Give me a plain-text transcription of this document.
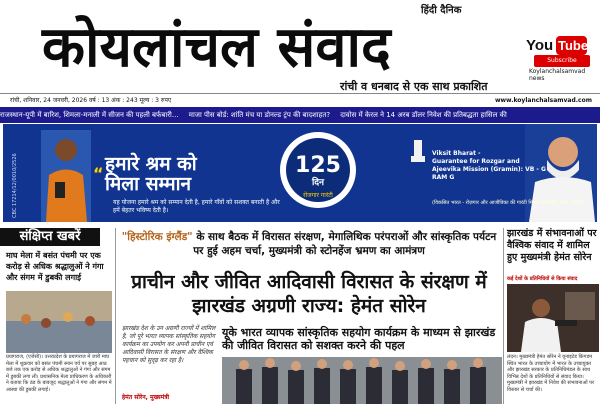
हिंदी दैनिक
कोयलांचल संवाद
रांची व धनबाद से एक साथ प्रकाशित
You Tube
Subscribe
Koylanchalsamvad news
रांची, शनिवार, 24 जनवरी, 2026 वर्ष : 13 अंक : 243 मूल्य : 3 रुपए	www.koylanchalsamvad.com
राजस्थान-यूपी में बारिश, शिमला-मनाली में सीजन की पहली बर्फबारी... माजा पीस बोर्ड: शांति मंच या डोनल्ड ट्रंप की बादशाहत? दावोस में केरल ने 14 अरब डॉलर निवेश की प्रतिबद्धता हासिल की
CBC 17214/12/0010/2526	“	125
दिन
रोजगार गारंटी
हमारे श्रम को
मिला सम्मान
यह योजना हमारे श्रम को सम्मान देती है, हमारे गाँवों को सशक्त बनाती है और हमें बेहतर भविष्य देती है।
Viksit Bharat -
Guarantee for Rozgar and
Ajeevika Mission (Gramin): VB - G RAM G
(विकसित भारत - रोज़गार और आजीविका की गारंटी मिशन (ग्रामीण)) एक्ट, 2025
संक्षिप्त खबरें
माघ मेला में बसंत पंचमी पर एक करोड़ से अधिक श्रद्धालुओं ने गंगा और संगम में डुबकी लगाई
प्रयागराज, (एजेंसी)। उत्तरप्रदेश के प्रयागराज में जारी माघ मेला में शुक्रवार को बसंत पंचमी स्नान पर्व पर सुबह आठ बजे तक एक करोड़ से अधिक श्रद्धालुओं ने गंगा और संगम में डुबकी लगा ली। प्रशासनिक मेला प्राधिकरण के अधिकारी ने बताया कि ठंड के बावजूद श्रद्धालुओं ने गंगा और संगम में आस्था की डुबकी लगाई।
"हिस्टोरिक इंग्लैंड" के साथ बैठक में विरासत संरक्षण, मेगालिथिक परंपराओं और सांस्कृतिक पर्यटन पर हुई अहम चर्चा, मुख्यमंत्री को स्टोनहेंज भ्रमण का आमंत्रण
प्राचीन और जीवित आदिवासी विरासत के संरक्षण में झारखंड अग्रणी राज्य: हेमंत सोरेन
झारखंड देश के उन अग्रणी राज्यों में शामिल है, जो पूरे भारत व्यापक सांस्कृतिक सहयोग कार्यक्रम का उपयोग कर अपनी प्राचीन एवं आदिवासी विरासत के संरक्षण और वैश्विक पहचान को सुदृढ़ कर रहा है।
हेमंत सोरेन, मुख्यमंत्री
यूके भारत व्यापक सांस्कृतिक सहयोग कार्यक्रम के माध्यम से झारखंड की जीवित विरासत को सशक्त करने की पहल
झारखंड में संभावनाओं पर वैश्विक संवाद में शामिल हुए मुख्यमंत्री हेमंत सोरेन
कई देशों के प्रतिनिधियों से किया संवाद
लंदन। मुख्यमंत्री हेमंत सोरेन ने यूनाइटेड किंगडम स्थित भारत के उच्चायोग में भारत के उच्चायुक्त और झारखंड सरकार के प्रतिनिधिमंडल के साथ विभिन्न देशों के प्रतिनिधियों से संवाद किया। मुख्यमंत्री ने झारखंड में निवेश की संभावनाओं पर विस्तार से चर्चा की।
